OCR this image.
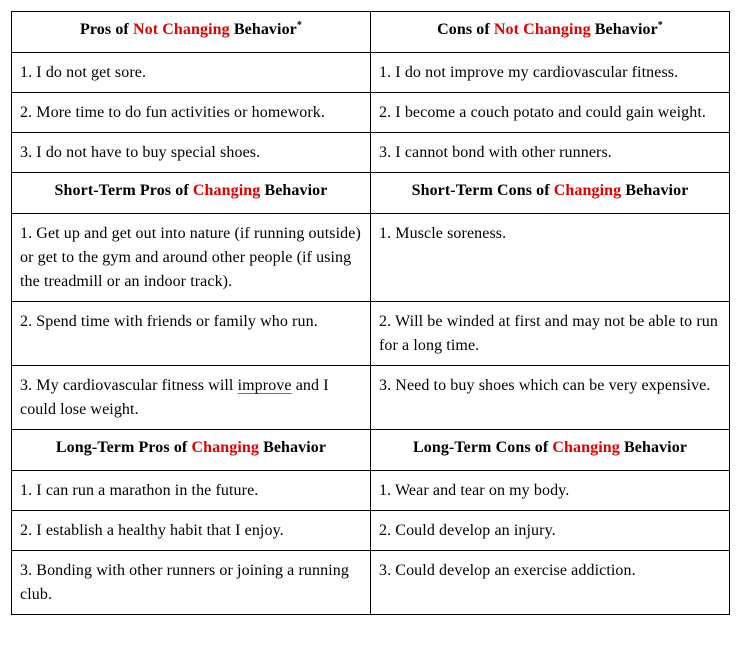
Pros of Not Changing Behavior*	Cons of Not Changing Behavior*
1. I do not get sore.	1. I do not improve my cardiovascular fitness.
2. More time to do fun activities or homework.	2. I become a couch potato and could gain weight.
3. I do not have to buy special shoes.	3. I cannot bond with other runners.
Short-Term Pros of Changing Behavior	Short-Term Cons of Changing Behavior
1. Get up and get out into nature (if running outside) or get to the gym and around other people (if using the treadmill or an indoor track).	1. Muscle soreness.
2. Spend time with friends or family who run.	2. Will be winded at first and may not be able to run for a long time.
3. My cardiovascular fitness will improve and I could lose weight.	3. Need to buy shoes which can be very expensive.
Long-Term Pros of Changing Behavior	Long-Term Cons of Changing Behavior
1. I can run a marathon in the future.	1. Wear and tear on my body.
2. I establish a healthy habit that I enjoy.	2. Could develop an injury.
3. Bonding with other runners or joining a running club.	3. Could develop an exercise addiction.
